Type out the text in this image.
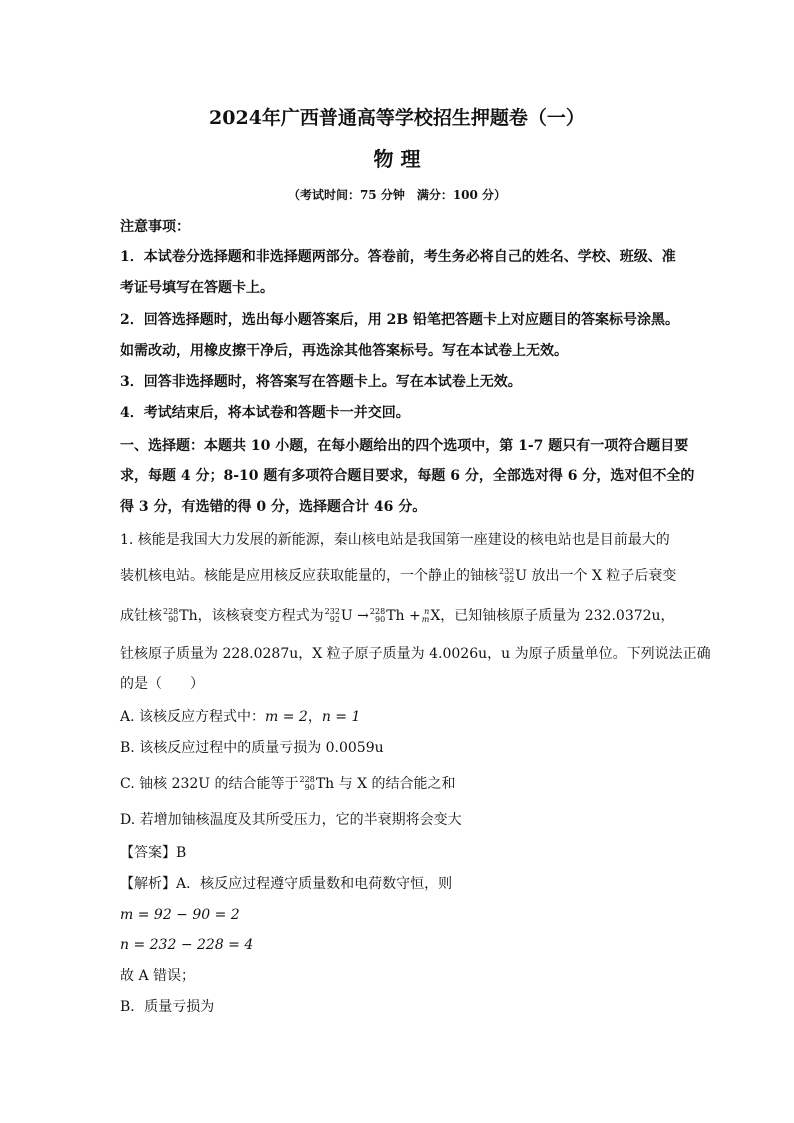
2024年广西普通高等学校招生押题卷（一）
物 理
（考试时间：75 分钟　满分：100 分）
注意事项：
1．本试卷分选择题和非选择题两部分。答卷前，考生务必将自己的姓名、学校、班级、准
考证号填写在答题卡上。
2．回答选择题时，选出每小题答案后，用 2B 铅笔把答题卡上对应题目的答案标号涂黑。
如需改动，用橡皮擦干净后，再选涂其他答案标号。写在本试卷上无效。
3．回答非选择题时，将答案写在答题卡上。写在本试卷上无效。
4．考试结束后，将本试卷和答题卡一并交回。
一、选择题：本题共 10 小题，在每小题给出的四个选项中，第 1-7 题只有一项符合题目要
求，每题 4 分；8-10 题有多项符合题目要求，每题 6 分，全部选对得 6 分，选对但不全的
得 3 分，有选错的得 0 分，选择题合计 46 分。
1. 核能是我国大力发展的新能源，秦山核电站是我国第一座建设的核电站也是目前最大的
装机核电站。核能是应用核反应获取能量的，一个静止的铀核 232
92 U 放出一个 X 粒子后衰变
成钍核 228
90 Th，该核衰变方程式为 232
92 U → 228
90 Th + n
m X，已知铀核原子质量为 232.0372u，
钍核原子质量为 228.0287u，X 粒子原子质量为 4.0026u，u 为原子质量单位。下列说法正确
的是（　　）
A. 该核反应方程式中：m = 2，n = 1
B. 该核反应过程中的质量亏损为 0.0059u
C. 铀核 232U 的结合能等于 228
90 Th 与 X 的结合能之和
D. 若增加铀核温度及其所受压力，它的半衰期将会变大
【答案】B
【解析】A．核反应过程遵守质量数和电荷数守恒，则
m = 92 − 90 = 2
n = 232 − 228 = 4
故 A 错误；
B．质量亏损为
